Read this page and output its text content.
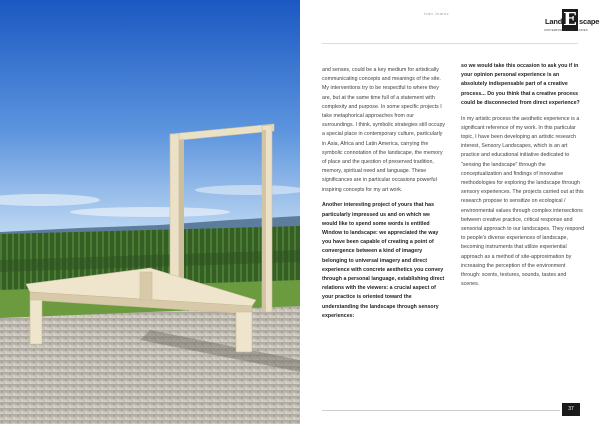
Ivan Juarez
Land E scape
CONTEMPORARY ART STUDIES

and senses, could be a key medium for artistically communicating concepts and meanings of the site. My interventions try to be respectful to where they are, but at the same time full of a statement with complexity and purpose. In some specific projects I take metaphorical approaches from our surroundings. I think, symbolic strategies still occupy a special place in contemporary culture, particularly in Asia, Africa and Latin America, carrying the symbolic connotation of the landscape, the memory of place and the question of preserved tradition, memory, spiritual need and language. These significances are in particular occasions powerful inspiring concepts for my art work.

Another interesting project of yours that has particularly impressed us and on which we would like to spend some words is entitled Window to landscape: we appreciated the way you have been capable of creating a point of convergence between a kind of imagery belonging to universal imagery and direct experience with concrete aesthetics you convey through a personal language, establishing direct relations with the viewers: a crucial aspect of your practice is oriented toward the understanding the landscape through sensory experiences:

so we would take this occasion to ask you if in your opinion personal experience is an absolutely indispensable part of a creative process... Do you think that a creative process could be disconnected from direct experience?

In my artistic process the aesthetic experience is a significant reference of my work. In this particular topic, I have been developing an artistic research interest, Sensory Landscapes, which is an art practice and educational initiative dedicated to "sensing the landscape" through the conceptualization and findings of innovative methodologies for exploring the landscape through sensory experiences. The projects carried out at this research propose to sensitize on ecological / environmental values through complex intersections between creative practice, critical response and sensorial approach to our landscapes. They respond to people's diverse experiences of landscape, becoming instruments that utilize experiential approach as a method of site-approximation by increasing the perception of the environment through: scents, textures, sounds, tastes and scenes.

37
